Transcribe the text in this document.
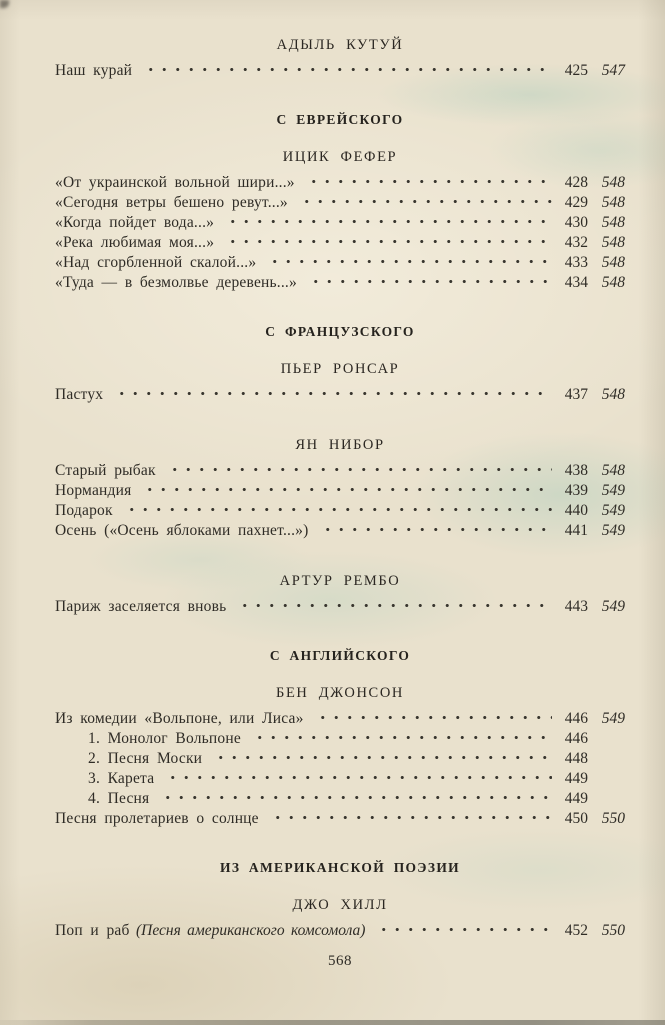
АДЫЛЬ КУТУЙ
Наш курай	425 547
С ЕВРЕЙСКОГО
ИЦИК ФЕФЕР
«От украинской вольной шири...»	428 548
«Сегодня ветры бешено ревут...»	429 548
«Когда пойдет вода...»	430 548
«Река любимая моя...»	432 548
«Над сгорбленной скалой...»	433 548
«Туда — в безмолвье деревень...»	434 548
С ФРАНЦУЗСКОГО
ПЬЕР РОНСАР
Пастух	437 548
ЯН НИБОР
Старый рыбак	438 548
Нормандия	439 549
Подарок	440 549
Осень («Осень яблоками пахнет...»)	441 549
АРТУР РЕМБО
Париж заселяется вновь	443 549
С АНГЛИЙСКОГО
БЕН ДЖОНСОН
Из комедии «Вольпоне, или Лиса»	446 549
1. Монолог Вольпоне	446
2. Песня Моски	448
3. Карета	449
4. Песня	449
Песня пролетариев о солнце	450 550
ИЗ АМЕРИКАНСКОЙ ПОЭЗИИ
ДЖО ХИЛЛ
Поп и раб (Песня американского комсомола)	452 550
568
